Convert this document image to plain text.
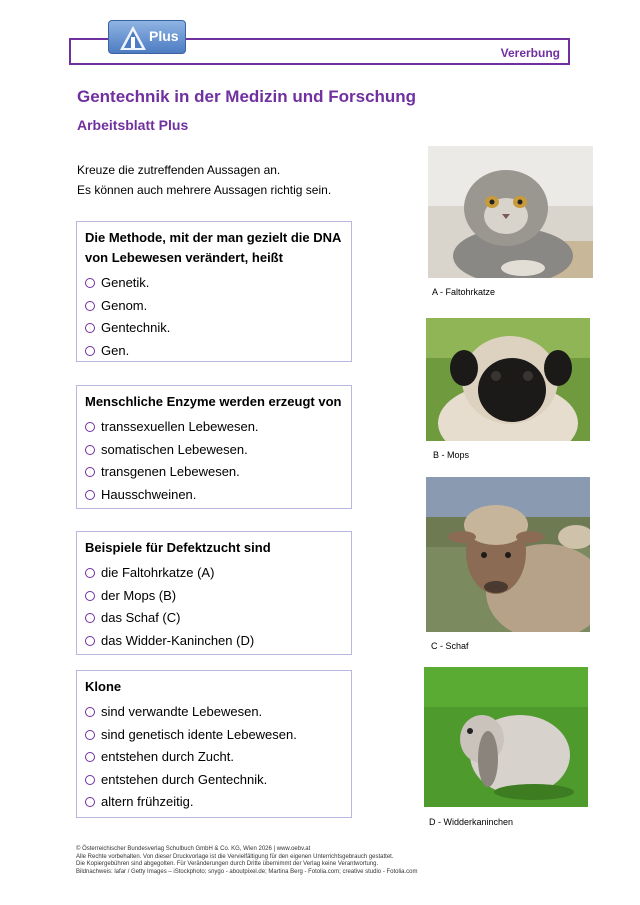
Vererbung
Plus
Gentechnik in der Medizin und Forschung
Arbeitsblatt Plus
Kreuze die zutreffenden Aussagen an.
Es können auch mehrere Aussagen richtig sein.
Die Methode, mit der man gezielt die DNA von Lebewesen verändert, heißt
Genetik.
Genom.
Gentechnik.
Gen.
Menschliche Enzyme werden erzeugt von
transsexuellen Lebewesen.
somatischen Lebewesen.
transgenen Lebewesen.
Hausschweinen.
Beispiele für Defektzucht sind
die Faltohrkatze (A)
der Mops (B)
das Schaf (C)
das Widder-Kaninchen (D)
Klone
sind verwandte Lebewesen.
sind genetisch idente Lebewesen.
entstehen durch Zucht.
entstehen durch Gentechnik.
altern frühzeitig.
A - Faltohrkatze
B - Mops
C - Schaf
D - Widderkaninchen
© Österreichischer Bundesverlag Schulbuch GmbH & Co. KG, Wien 2026 | www.oebv.at
Alle Rechte vorbehalten. Von dieser Druckvorlage ist die Vervielfältigung für den eigenen Unterrichtsgebrauch gestattet.
Die Kopiergebühren sind abgegolten. Für Veränderungen durch Dritte übernimmt der Verlag keine Verantwortung.
Bildnachweis: lafar / Getty Images – iStockphoto; snygo - aboutpixel.de; Martina Berg - Fotolia.com; creative studio - Fotolia.com
